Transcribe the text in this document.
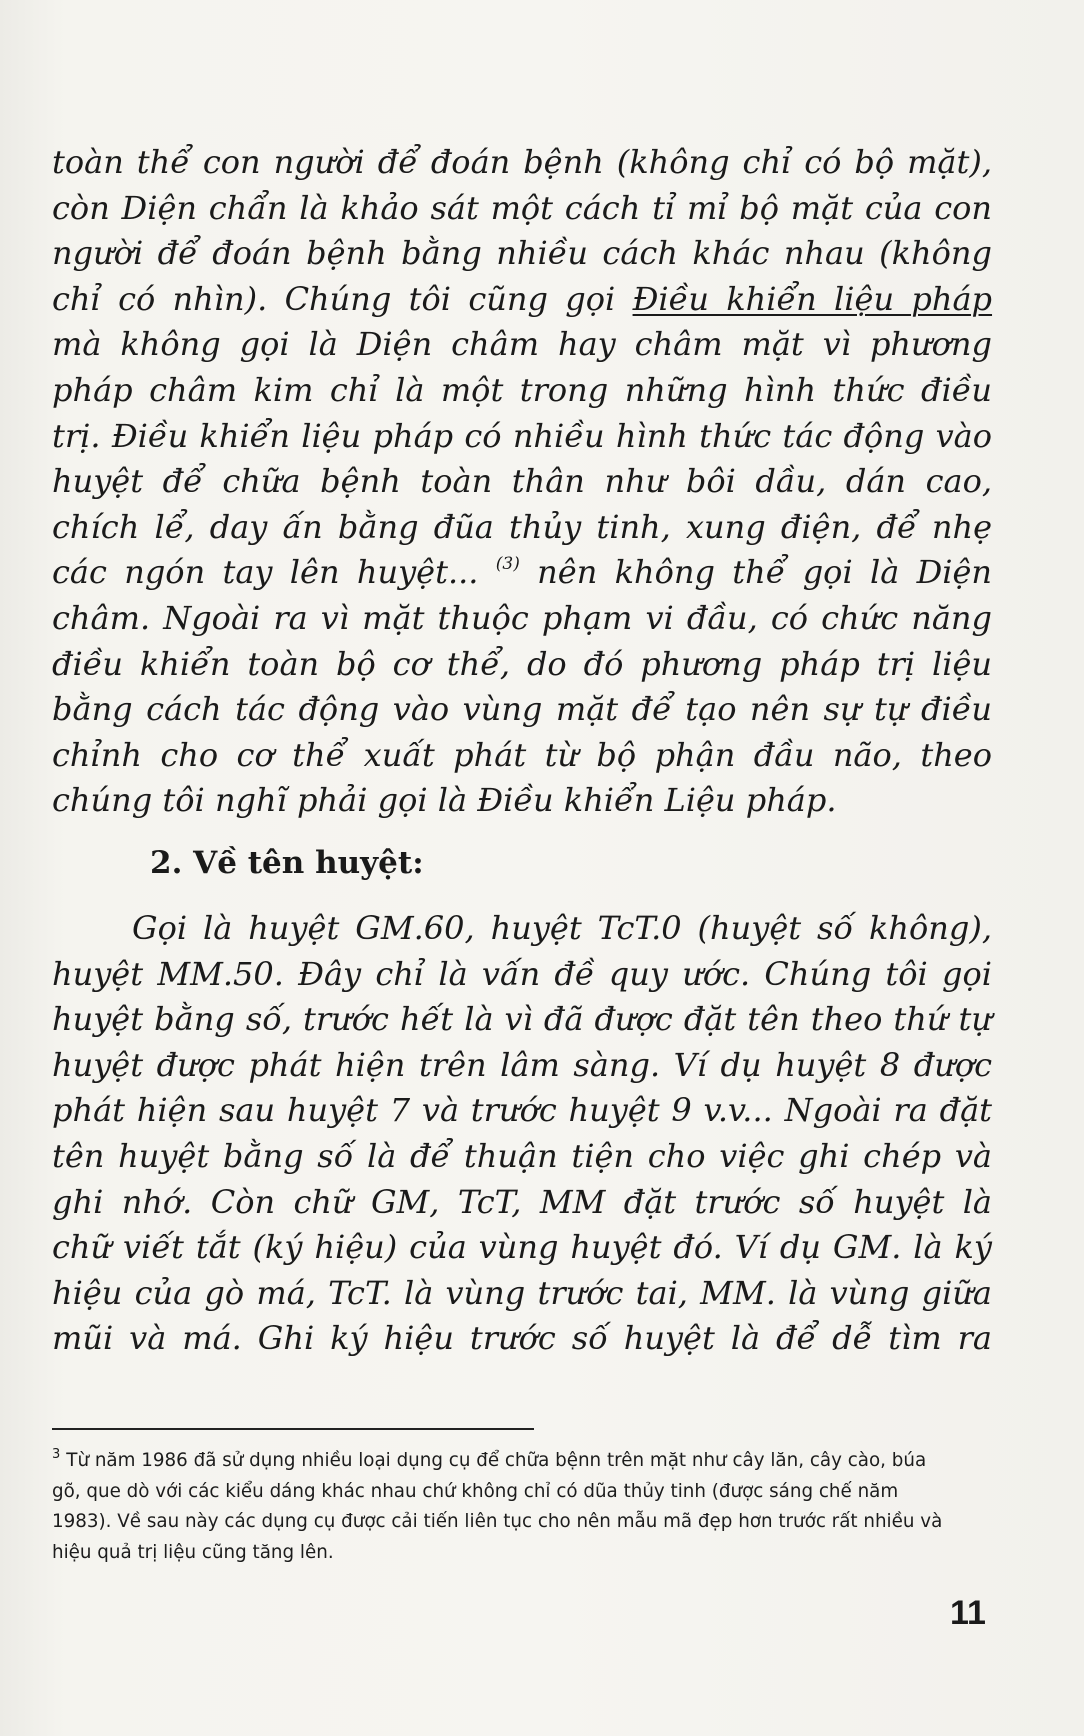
toàn thể con người để đoán bệnh (không chỉ có bộ mặt),
còn Diện chẩn là khảo sát một cách tỉ mỉ bộ mặt của con
người để đoán bệnh bằng nhiều cách khác nhau (không
chỉ có nhìn). Chúng tôi cũng gọi Điều khiển liệu pháp
mà không gọi là Diện châm hay châm mặt vì phương
pháp châm kim chỉ là một trong những hình thức điều
trị. Điều khiển liệu pháp có nhiều hình thức tác động vào
huyệt để chữa bệnh toàn thân như bôi dầu, dán cao,
chích lể, day ấn bằng đũa thủy tinh, xung điện, để nhẹ
các ngón tay lên huyệt... $^{(3)}$ nên không thể gọi là Diện
châm. Ngoài ra vì mặt thuộc phạm vi đầu, có chức năng
điều khiển toàn bộ cơ thể, do đó phương pháp trị liệu
bằng cách tác động vào vùng mặt để tạo nên sự tự điều
chỉnh cho cơ thể xuất phát từ bộ phận đầu não, theo
chúng tôi nghĩ phải gọi là Điều khiển Liệu pháp.
2. Về tên huyệt:
Gọi là huyệt GM.60, huyệt TcT.0 (huyệt số không),
huyệt MM.50. Đây chỉ là vấn đề quy ước. Chúng tôi gọi
huyệt bằng số, trước hết là vì đã được đặt tên theo thứ tự
huyệt được phát hiện trên lâm sàng. Ví dụ huyệt 8 được
phát hiện sau huyệt 7 và trước huyệt 9 v.v... Ngoài ra đặt
tên huyệt bằng số là để thuận tiện cho việc ghi chép và
ghi nhớ. Còn chữ GM, TcT, MM đặt trước số huyệt là
chữ viết tắt (ký hiệu) của vùng huyệt đó. Ví dụ GM. là ký
hiệu của gò má, TcT. là vùng trước tai, MM. là vùng giữa
mũi và má. Ghi ký hiệu trước số huyệt là để dễ tìm ra
$^3$ Từ năm 1986 đã sử dụng nhiều loại dụng cụ để chữa bệnn trên mặt như cây lăn, cây cào, búa
gõ, que dò với các kiểu dáng khác nhau chứ không chỉ có dũa thủy tinh (được sáng chế năm
1983). Về sau này các dụng cụ được cải tiến liên tục cho nên mẫu mã đẹp hơn trước rất nhiều và
hiệu quả trị liệu cũng tăng lên.
11
